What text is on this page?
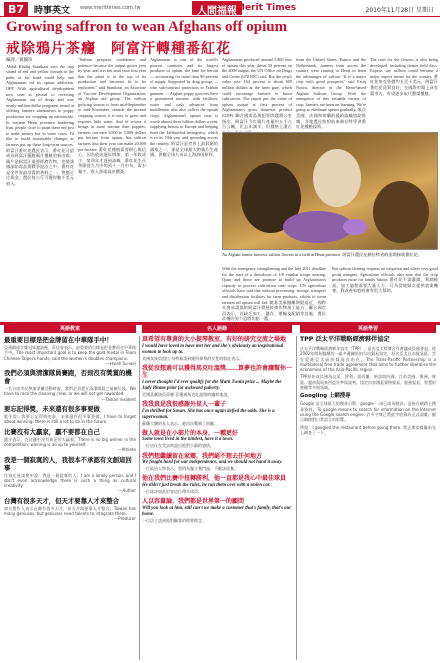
B7	時事英文 www.merittimes.com.tw	人間福報 Merit Times	2010年11月28日 星期日
Growing saffron to wean Afghans off opium
戒除鴉片茶癮　阿富汗轉種番紅花
編譯／黃毓珍
Abdul Khaliq Stanikzai says the tiny strand of red and yellow threads in the palm of his hand could help one Afghanistan rid its opium addiction. OFF. With agricultural development now seen as pivotal to reversing Afghanistan out of drugs and war, nearly-million-dollar programs aimed at offering farmers alternatives to poppy production are cropping up nationwide. In western Herat province bordering Iran, people close to plant these not just to make money but in some cases. I'd like to build sustainable changes as farmers put up these long-term sources. 阿富汗番紅花農民表示，番紅花可望成為阿富汗擺脫鴉片種植的新出路，鴉片是阿富汗重要經濟作物，也使該國深陷毒品與戰爭泥沼之中。番紅花是全世界最昂貴的香料之一，售價可比黃金，農民每公斤可獲得數千美元收入。
"Saffron prepares confidence and patience because the output grows year by year, and it is not until your first year that the plant is at the top of its production and becomes fit to be replicated," said Stanikzai, an Associate of Vaccine Development Organization, an Afghan aid group. The saffron growing season is from mid-September to mid-November, outside the normal cropping season, it is easy to grow and requires little water. And of course it brings in more income than poppies: farmers can earn 3,000 to 5,000 dollars per hectare from opium, but saffron farmers also their year can make 20,000 per hectare. 番紅花種植需要耐心與信心，因為收成逐年增加，第一年收成少，第四年才達到高峰。番紅花生長季節從九月中旬到十一月中旬，需水量少，收入卻遠高於罌粟。
Afghanistan is one of the world's poorest countries and its largest producer of opium, the base for heroin — accounting for more than 90 percent of supply. Supported by drug groups — who sub-contract protection to Taliban gunmen — Afghan poppy growers have a guaranteed income, with fertiliser, water and cash advances from middlemen who also collect the opium crops. Afghanistan's opium crop is worth almost three billion dollars a year, supplying heroin to Europe and helping fund the Taliban-led insurgency, which is in its 10th year and spreading across the country. 阿富汗是世界上最貧窮的國家之一，卻是全球最大的鴉片生產國，供應全球九成以上海洛因原料。
Afghanistan produced around 5,800 tons of opium this year, down 50 percent on the 2009 output, the UN Office on Drugs and Crime (UNODC) said. But the crop's value rose 164 percent to about 605 million dollars at the farm gate, which could encourage farmers to boost cultivation. The report put the value of opium output at first percent of Afghanistan's gross domestic product (GDP). 聯合國毒品與犯罪問題辦公室指出，阿富汗今年鴉片產量約五千八百公噸，比去年減半，但價格上漲百
from the United States, France and the Netherlands, farmers from across the country were coming to Herat to learn the advantages of saffron. 'It is a major crop with good prospects,' said Fariq Nooru, director of the Herat-based Afghan Saffron Group. With the emergence of this valuable variety of crop, farmers are keen on learning. We're going to eliminate opium gradually. 來自美國、法國和荷蘭的援助組織協助推廣，各地農民紛紛前來赫拉特學習番紅花種植技術。
The rush for the flowers is also being developed, including farmer field days. Experts say saffron could become a major export earner for the country. 番紅花每克售價約五至十美元，阿富汗番紅花品質良好，在國際市場上具有競爭力，有望逐步取代罌粟種植。
An Afghan farmer harvests saffron flowers in a field in Herat province. 阿富汗農民在赫拉特省的田間採收番紅花。
With the emergency strengthening and the July 2011 deadline for the start of a drawdown of US combat troops nearing, Qatar and those are promise to build up Afghanistan's capacity to process cultivation cash crops. UN agriculture officials have said that without processing, storage, transport and distribution facilities for farm products, efforts to wean farmers off opium will fail. 隨著美軍撤離期限逼近，國際社會承諾協助阿富汗發展經濟作物加工能力，聯合國官員表示，若缺乏加工、儲存、運輸及配銷等設施，農民改種的努力恐將功虧一簣。
But saffron farming requires no irrigation and offers very good profit margins. Agriculture officials also note that the crop produces more for family labour. 番紅花不需灌溉，利潤極高，加工過程需要大量人力，可為當地婦女提供就業機會，對改善家庭經濟有很大幫助。
英語教室	名人語錄	英語學習
最重要目標是把金牌留在中華隊手中！

亞運網球女雙冠軍謝淑薇、莊佳容表示，最重要的目標是把金牌留在中華隊手中。The most important goal is to keep the gold medal in Team Chinese Taipei's hands, said the women's doubles champions.

—Hsieh Su-wei

我們必須與清潔隊員賽跑，否則沒有獎賞的機會

一名台南市民參加淨灘活動時說，我們必須趕在清潔隊員之前撿垃圾。We have to race the cleaning crew, or we will not get rewarded.

—Tainan resident

要忘記得獎，未來還有很多事要做

歌手說：我要忘記得獎的事，未來還有很多事要做。I have to forget about winning; there is still a lot to do in the future.

比賽沒有大贏家，贏不要都在自己

選手表示，在比賽中沒有真正的大贏家。There is no big winner in the competition; winning is all up to yourself.

—Athlete

我是一個寂寞的人，我很本不承認有文創這回事

作家在座談會中說：我是一個寂寞的人。I am a lonely person, and I don't even acknowledge there is such a thing as cultural creativity.

—Author

台灣有很多天才，但天才要靠人才來整合

知名製作人表示台灣有很多天才，但天才需要靠人才整合。Taiwan has many geniuses, but geniuses need talents to integrate them.

—Producer

真希望有專責的大小提琴教室，有好的研究交流之場地
I would have loved to have met her and she's obviously an inspirational woman to look up to.

英國女演員凱拉·奈特莉談到她所仰慕的女性時如此表示。

我從沒想過可以獲得馬克吐溫獎……算夢也許會讓幫你一生
I never thought I'd ever qualify for the Mark Twain prize ... Maybe the Judy Blume prize for awkward puberty.

美國喜劇演員蒂娜·菲獲頒馬克吐溫獎時幽默地說。

我我真是我很感謝外星人一輩子
I'm thrilled for Susan. She has once again defied the odds. She is a superwoman.

蘇珊大嬸的友人表示，她再次戰勝了困難。

做人就是在小部片的本身，一種更好
Some town lived in the kindest, have it a town.

一位居民在受訪時說出他對小鎮的感情。

我們想繼續留在家鄉，我們絕不想去任何地方
We fought hard for our independence, and we should not hand it away.

一位政治人物表示，我們為獨立奮鬥過，不應該放棄。

他在我們比賽中扭轉勝利，他一直都是我心中最佳球員
He didn't just break the rules, he ran them over with a stolen car.

一位球評如此形容這位傳奇球員。

人以容量論，我們都是世界第一的顧問
Will you look at him, still can't we make a customer that's family, that's our home.

一位店主談到他對顧客的經營理念。

TPP 泛太平洋戰略經濟夥伴協定

泛太平洋戰略經濟夥伴協定（TPP），是由亞太經濟合作會議成員國發起，從2002年開始醞釀的一組多邊關係的自由貿易協定，原名亞太自由貿易區，旨在促進亞太區的貿易自由化。The Trans-Pacific Partnership is a multilateral free trade agreement that aims to further liberalise the economies of the Asia-Pacific region.

TPP原始成員國為汶萊、智利、紐西蘭、新加坡四國，目前美國、澳洲、秘魯、越南與馬來西亞亦參與談判。協定內容涵蓋貨物貿易、服務貿易、智慧財產權等多個領域。

Googling 上網搜尋

Google 是全球最大的搜尋引擎，google 一詞已成為動詞，意指在網路上搜尋資料。To google means to search for information on the Internet using the Google search engine. 許多字典已將此字收錄為正式詞彙，顯示網路對日常語言的影響。

例如：I googled the restaurant before going there. 我去那家餐廳前先上網查了一下。
